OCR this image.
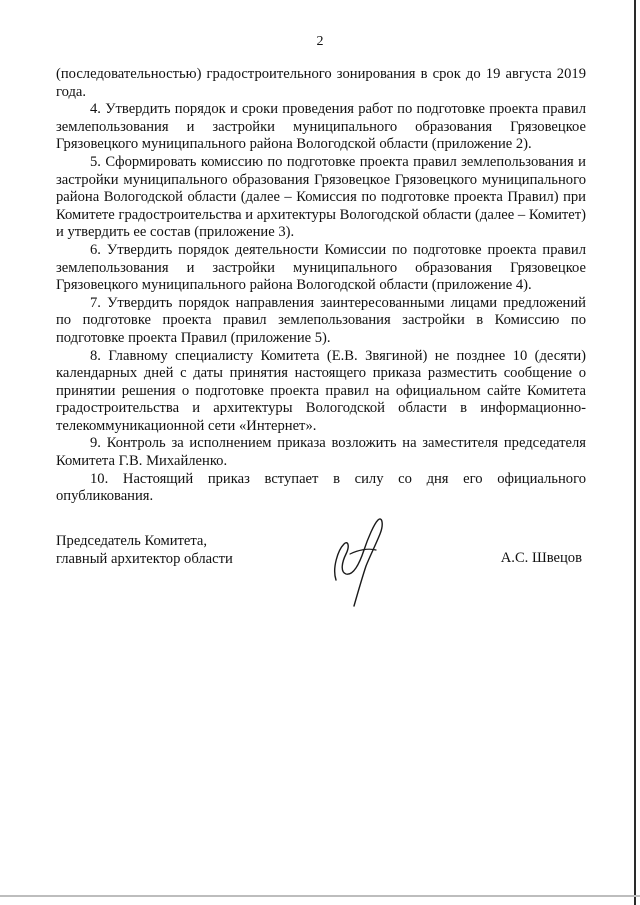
2

(последовательностью) градостроительного зонирования в срок до 19 августа 2019 года.

4. Утвердить порядок и сроки проведения работ по подготовке проекта правил землепользования и застройки муниципального образования Грязовецкое Грязовецкого муниципального района Вологодской области (приложение 2).

5. Сформировать комиссию по подготовке проекта правил землепользования и застройки муниципального образования Грязовецкое Грязовецкого муниципального района Вологодской области (далее – Комиссия по подготовке проекта Правил) при Комитете градостроительства и архитектуры Вологодской области (далее – Комитет) и утвердить ее состав (приложение 3).

6. Утвердить порядок деятельности Комиссии по подготовке проекта правил землепользования и застройки муниципального образования Грязовецкое Грязовецкого муниципального района Вологодской области (приложение 4).

7. Утвердить порядок направления заинтересованными лицами предложений по подготовке проекта правил землепользования застройки в Комиссию по подготовке проекта Правил (приложение 5).

8. Главному специалисту Комитета (Е.В. Звягиной) не позднее 10 (десяти) календарных дней с даты принятия настоящего приказа разместить сообщение о принятии решения о подготовке проекта правил на официальном сайте Комитета градостроительства и архитектуры Вологодской области в информационно-телекоммуникационной сети «Интернет».

9. Контроль за исполнением приказа возложить на заместителя председателя Комитета Г.В. Михайленко.

10. Настоящий приказ вступает в силу со дня его официального опубликования.

Председатель Комитета,
главный архитектор области	А.С. Швецов
